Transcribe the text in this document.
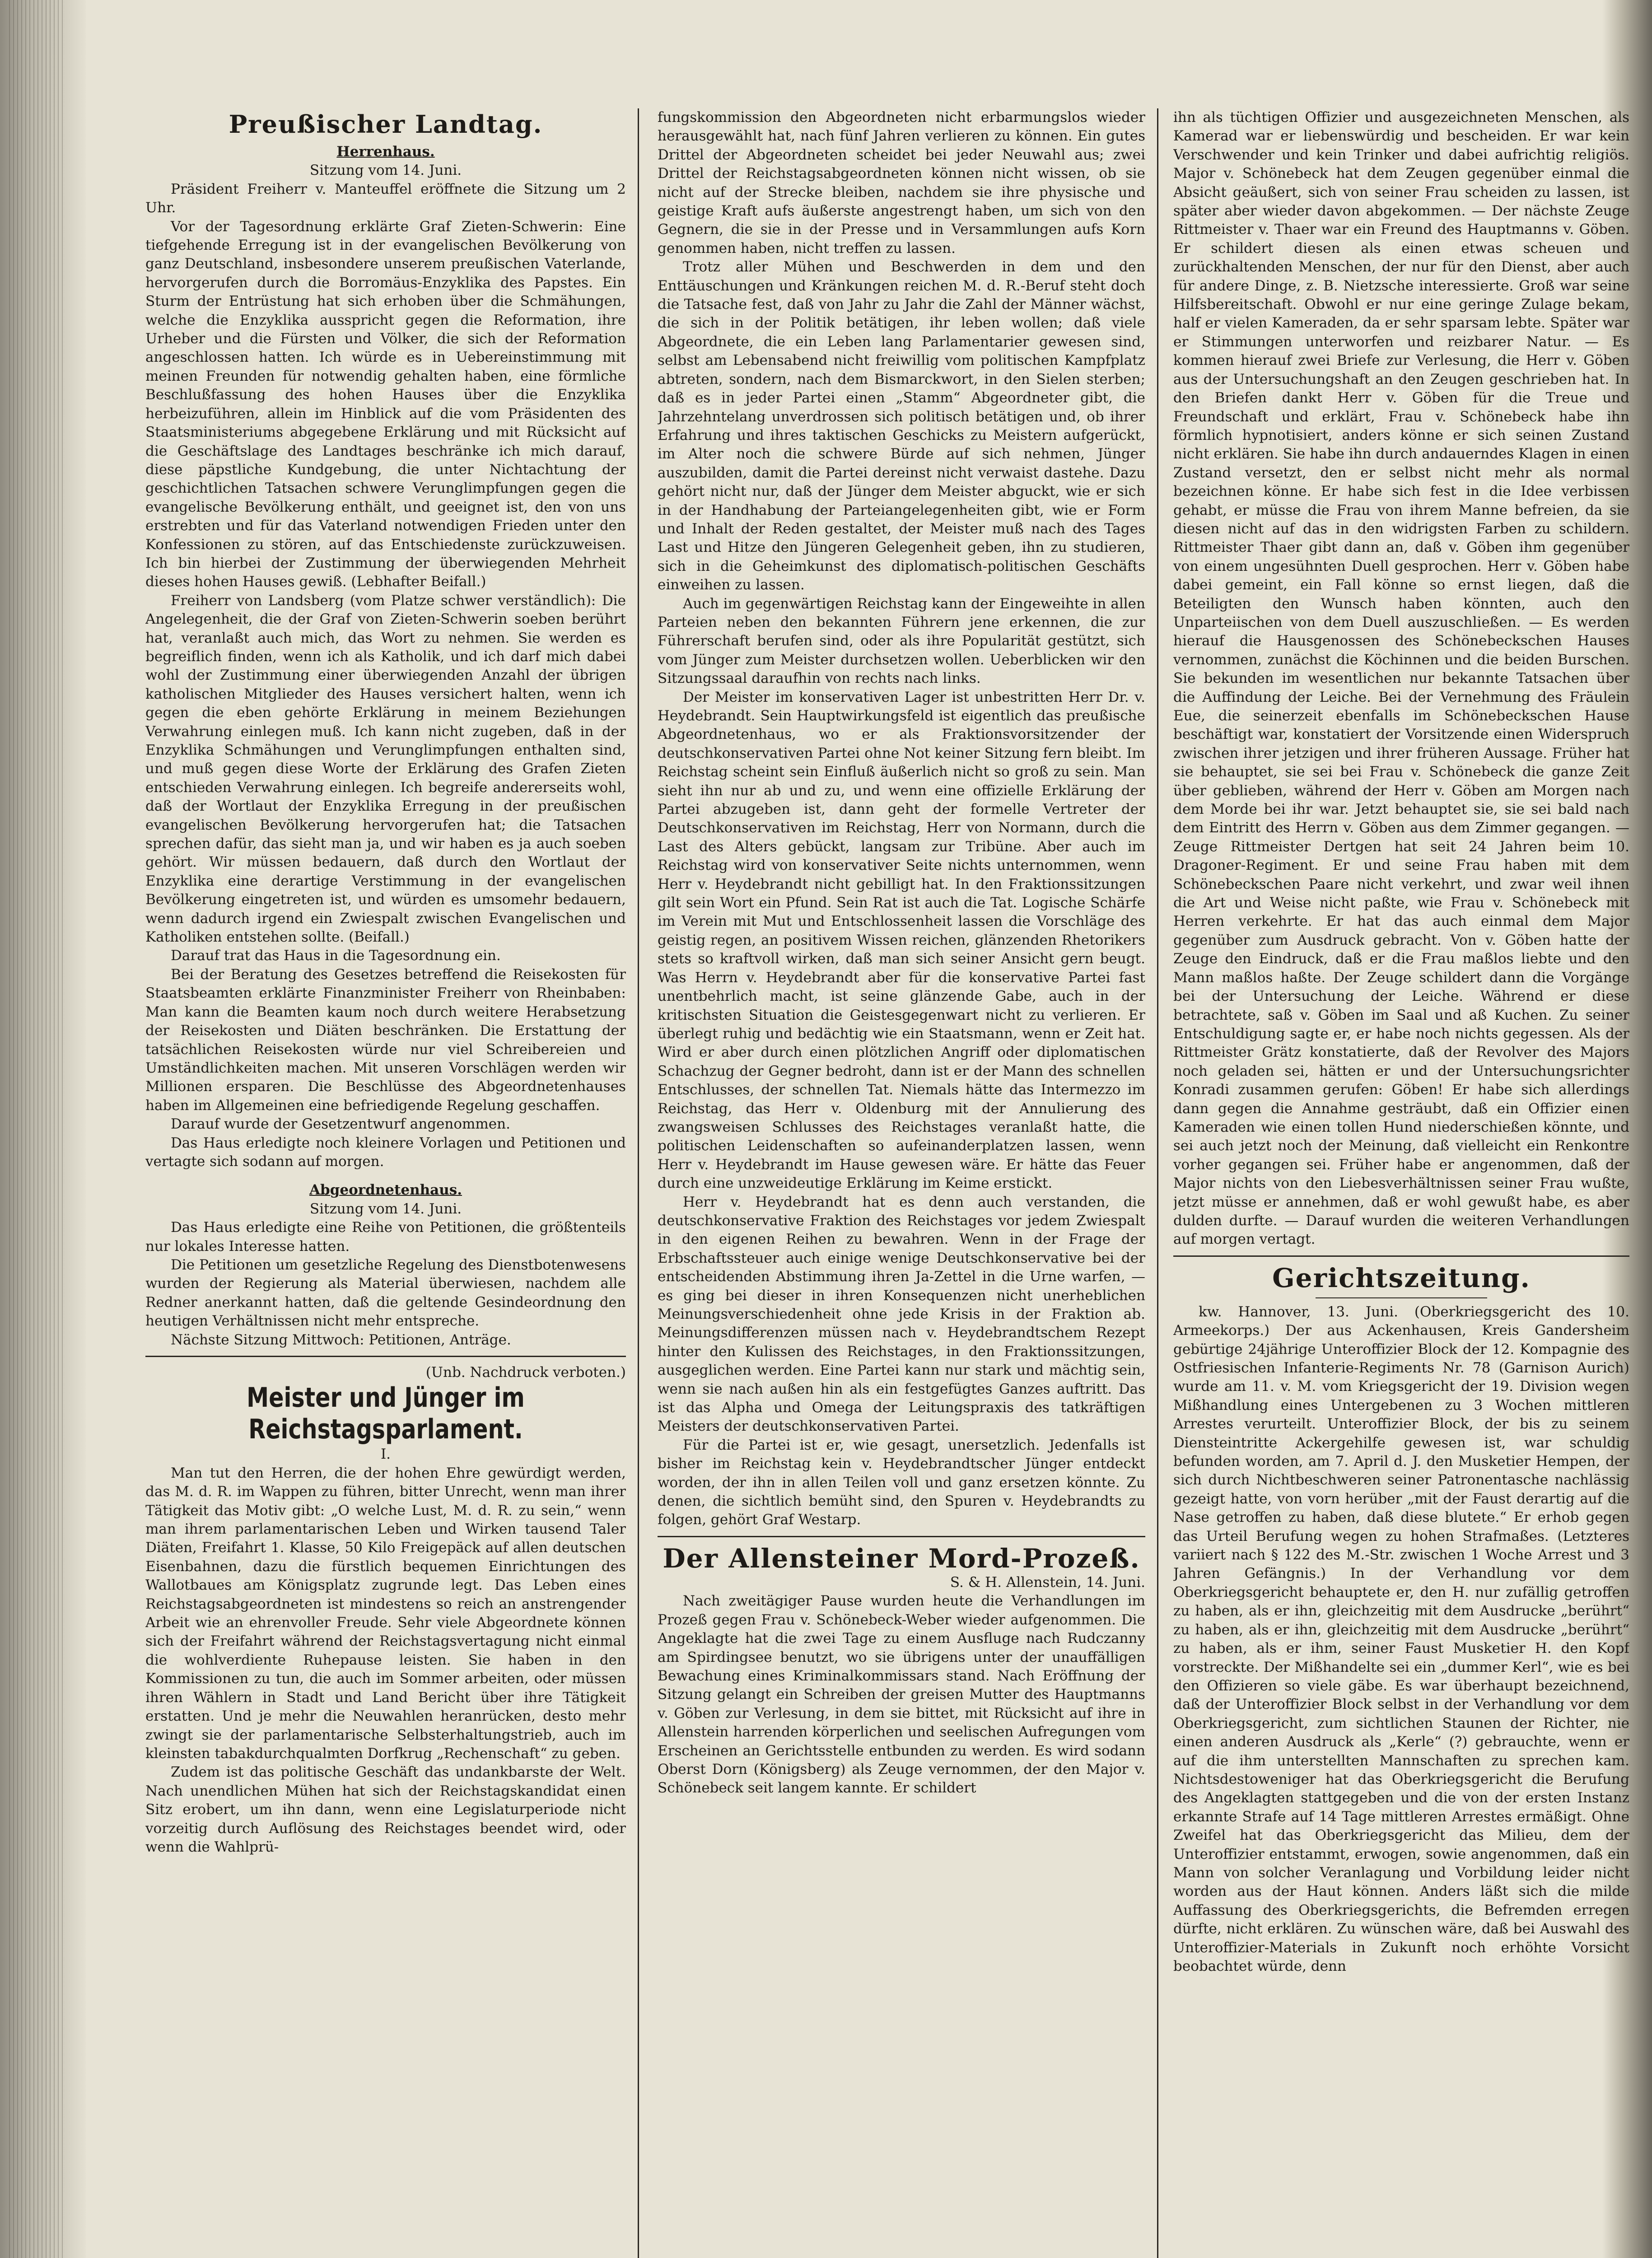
Preußischer Landtag.
Herrenhaus.

Sitzung vom 14. Juni.

Präsident Freiherr v. Manteuffel eröffnete die Sitzung um 2 Uhr.

Vor der Tagesordnung erklärte Graf Zieten-Schwerin: Eine tiefgehende Erregung ist in der evangelischen Bevölkerung von ganz Deutschland, insbesondere unserem preußischen Vaterlande, hervorgerufen durch die Borromäus-Enzyklika des Papstes. Ein Sturm der Entrüstung hat sich erhoben über die Schmähungen, welche die Enzyklika ausspricht gegen die Reformation, ihre Urheber und die Fürsten und Völker, die sich der Reformation angeschlossen hatten. Ich würde es in Uebereinstimmung mit meinen Freunden für notwendig gehalten haben, eine förmliche Beschlußfassung des hohen Hauses über die Enzyklika herbeizuführen, allein im Hinblick auf die vom Präsidenten des Staatsministeriums abgegebene Erklärung und mit Rücksicht auf die Geschäftslage des Landtages beschränke ich mich darauf, diese päpstliche Kundgebung, die unter Nichtachtung der geschichtlichen Tatsachen schwere Verunglimpfungen gegen die evangelische Bevölkerung enthält, und geeignet ist, den von uns erstrebten und für das Vaterland notwendigen Frieden unter den Konfessionen zu stören, auf das Entschiedenste zurückzuweisen. Ich bin hierbei der Zustimmung der überwiegenden Mehrheit dieses hohen Hauses gewiß. (Lebhafter Beifall.)

Freiherr von Landsberg (vom Platze schwer verständlich): Die Angelegenheit, die der Graf von Zieten-Schwerin soeben berührt hat, veranlaßt auch mich, das Wort zu nehmen. Sie werden es begreiflich finden, wenn ich als Katholik, und ich darf mich dabei wohl der Zustimmung einer überwiegenden Anzahl der übrigen katholischen Mitglieder des Hauses versichert halten, wenn ich gegen die eben gehörte Erklärung in meinem Beziehungen Verwahrung einlegen muß. Ich kann nicht zugeben, daß in der Enzyklika Schmähungen und Verunglimpfungen enthalten sind, und muß gegen diese Worte der Erklärung des Grafen Zieten entschieden Verwahrung einlegen. Ich begreife andererseits wohl, daß der Wortlaut der Enzyklika Erregung in der preußischen evangelischen Bevölkerung hervorgerufen hat; die Tatsachen sprechen dafür, das sieht man ja, und wir haben es ja auch soeben gehört. Wir müssen bedauern, daß durch den Wortlaut der Enzyklika eine derartige Verstimmung in der evangelischen Bevölkerung eingetreten ist, und würden es umsomehr bedauern, wenn dadurch irgend ein Zwiespalt zwischen Evangelischen und Katholiken entstehen sollte. (Beifall.)

Darauf trat das Haus in die Tagesordnung ein.

Bei der Beratung des Gesetzes betreffend die Reisekosten für Staatsbeamten erklärte Finanzminister Freiherr von Rheinbaben: Man kann die Beamten kaum noch durch weitere Herabsetzung der Reisekosten und Diäten beschränken. Die Erstattung der tatsächlichen Reisekosten würde nur viel Schreibereien und Umständlichkeiten machen. Mit unseren Vorschlägen werden wir Millionen ersparen. Die Beschlüsse des Abgeordnetenhauses haben im Allgemeinen eine befriedigende Regelung geschaffen.

Darauf wurde der Gesetzentwurf angenommen.

Das Haus erledigte noch kleinere Vorlagen und Petitionen und vertagte sich sodann auf morgen.

Abgeordnetenhaus.

Sitzung vom 14. Juni.

Das Haus erledigte eine Reihe von Petitionen, die größtenteils nur lokales Interesse hatten.

Die Petitionen um gesetzliche Regelung des Dienstbotenwesens wurden der Regierung als Material überwiesen, nachdem alle Redner anerkannt hatten, daß die geltende Gesindeordnung den heutigen Verhältnissen nicht mehr entspreche.

Nächste Sitzung Mittwoch: Petitionen, Anträge.

(Unb. Nachdruck verboten.)

Meister und Jünger im Reichstagsparlament.

I.

Man tut den Herren, die der hohen Ehre gewürdigt werden, das M. d. R. im Wappen zu führen, bitter Unrecht, wenn man ihrer Tätigkeit das Motiv gibt: „O welche Lust, M. d. R. zu sein,“ wenn man ihrem parlamentarischen Leben und Wirken tausend Taler Diäten, Freifahrt 1. Klasse, 50 Kilo Freigepäck auf allen deutschen Eisenbahnen, dazu die fürstlich bequemen Einrichtungen des Wallotbaues am Königsplatz zugrunde legt. Das Leben eines Reichstagsabgeordneten ist mindestens so reich an anstrengender Arbeit wie an ehrenvoller Freude. Sehr viele Abgeordnete können sich der Freifahrt während der Reichstagsvertagung nicht einmal die wohlverdiente Ruhepause leisten. Sie haben in den Kommissionen zu tun, die auch im Sommer arbeiten, oder müssen ihren Wählern in Stadt und Land Bericht über ihre Tätigkeit erstatten. Und je mehr die Neuwahlen heranrücken, desto mehr zwingt sie der parlamentarische Selbsterhaltungstrieb, auch im kleinsten tabakdurchqualmten Dorfkrug „Rechenschaft“ zu geben.

Zudem ist das politische Geschäft das undankbarste der Welt. Nach unendlichen Mühen hat sich der Reichstagskandidat einen Sitz erobert, um ihn dann, wenn eine Legislaturperiode nicht vorzeitig durch Auflösung des Reichstages beendet wird, oder wenn die Wahlprü-

fungskommission den Abgeordneten nicht erbarmungslos wieder herausgewählt hat, nach fünf Jahren verlieren zu können. Ein gutes Drittel der Abgeordneten scheidet bei jeder Neuwahl aus; zwei Drittel der Reichstagsabgeordneten können nicht wissen, ob sie nicht auf der Strecke bleiben, nachdem sie ihre physische und geistige Kraft aufs äußerste angestrengt haben, um sich von den Gegnern, die sie in der Presse und in Versammlungen aufs Korn genommen haben, nicht treffen zu lassen.

Trotz aller Mühen und Beschwerden in dem und den Enttäuschungen und Kränkungen reichen M. d. R.-Beruf steht doch die Tatsache fest, daß von Jahr zu Jahr die Zahl der Männer wächst, die sich in der Politik betätigen, ihr leben wollen; daß viele Abgeordnete, die ein Leben lang Parlamentarier gewesen sind, selbst am Lebensabend nicht freiwillig vom politischen Kampfplatz abtreten, sondern, nach dem Bismarckwort, in den Sielen sterben; daß es in jeder Partei einen „Stamm“ Abgeordneter gibt, die Jahrzehntelang unverdrossen sich politisch betätigen und, ob ihrer Erfahrung und ihres taktischen Geschicks zu Meistern aufgerückt, im Alter noch die schwere Bürde auf sich nehmen, Jünger auszubilden, damit die Partei dereinst nicht verwaist dastehe. Dazu gehört nicht nur, daß der Jünger dem Meister abguckt, wie er sich in der Handhabung der Parteiangelegenheiten gibt, wie er Form und Inhalt der Reden gestaltet, der Meister muß nach des Tages Last und Hitze den Jüngeren Gelegenheit geben, ihn zu studieren, sich in die Geheimkunst des diplomatisch-politischen Geschäfts einweihen zu lassen.

Auch im gegenwärtigen Reichstag kann der Eingeweihte in allen Parteien neben den bekannten Führern jene erkennen, die zur Führerschaft berufen sind, oder als ihre Popularität gestützt, sich vom Jünger zum Meister durchsetzen wollen. Ueberblicken wir den Sitzungssaal daraufhin von rechts nach links.

Der Meister im konservativen Lager ist unbestritten Herr Dr. v. Heydebrandt. Sein Hauptwirkungsfeld ist eigentlich das preußische Abgeordnetenhaus, wo er als Fraktionsvorsitzender der deutschkonservativen Partei ohne Not keiner Sitzung fern bleibt. Im Reichstag scheint sein Einfluß äußerlich nicht so groß zu sein. Man sieht ihn nur ab und zu, und wenn eine offizielle Erklärung der Partei abzugeben ist, dann geht der formelle Vertreter der Deutschkonservativen im Reichstag, Herr von Normann, durch die Last des Alters gebückt, langsam zur Tribüne. Aber auch im Reichstag wird von konservativer Seite nichts unternommen, wenn Herr v. Heydebrandt nicht gebilligt hat. In den Fraktionssitzungen gilt sein Wort ein Pfund. Sein Rat ist auch die Tat. Logische Schärfe im Verein mit Mut und Entschlossenheit lassen die Vorschläge des geistig regen, an positivem Wissen reichen, glänzenden Rhetorikers stets so kraftvoll wirken, daß man sich seiner Ansicht gern beugt. Was Herrn v. Heydebrandt aber für die konservative Partei fast unentbehrlich macht, ist seine glänzende Gabe, auch in der kritischsten Situation die Geistesgegenwart nicht zu verlieren. Er überlegt ruhig und bedächtig wie ein Staatsmann, wenn er Zeit hat. Wird er aber durch einen plötzlichen Angriff oder diplomatischen Schachzug der Gegner bedroht, dann ist er der Mann des schnellen Entschlusses, der schnellen Tat. Niemals hätte das Intermezzo im Reichstag, das Herr v. Oldenburg mit der Annulierung des zwangsweisen Schlusses des Reichstages veranlaßt hatte, die politischen Leidenschaften so aufeinanderplatzen lassen, wenn Herr v. Heydebrandt im Hause gewesen wäre. Er hätte das Feuer durch eine unzweideutige Erklärung im Keime erstickt.

Herr v. Heydebrandt hat es denn auch verstanden, die deutschkonservative Fraktion des Reichstages vor jedem Zwiespalt in den eigenen Reihen zu bewahren. Wenn in der Frage der Erbschaftssteuer auch einige wenige Deutschkonservative bei der entscheidenden Abstimmung ihren Ja-Zettel in die Urne warfen, — es ging bei dieser in ihren Konsequenzen nicht unerheblichen Meinungsverschiedenheit ohne jede Krisis in der Fraktion ab. Meinungsdifferenzen müssen nach v. Heydebrandtschem Rezept hinter den Kulissen des Reichstages, in den Fraktionssitzungen, ausgeglichen werden. Eine Partei kann nur stark und mächtig sein, wenn sie nach außen hin als ein festgefügtes Ganzes auftritt. Das ist das Alpha und Omega der Leitungspraxis des tatkräftigen Meisters der deutschkonservativen Partei.

Für die Partei ist er, wie gesagt, unersetzlich. Jedenfalls ist bisher im Reichstag kein v. Heydebrandtscher Jünger entdeckt worden, der ihn in allen Teilen voll und ganz ersetzen könnte. Zu denen, die sichtlich bemüht sind, den Spuren v. Heydebrandts zu folgen, gehört Graf Westarp.

Der Allensteiner Mord-Prozeß.

S. & H. Allenstein, 14. Juni.

Nach zweitägiger Pause wurden heute die Verhandlungen im Prozeß gegen Frau v. Schönebeck-Weber wieder aufgenommen. Die Angeklagte hat die zwei Tage zu einem Ausfluge nach Rudczanny am Spirdingsee benutzt, wo sie übrigens unter der unauffälligen Bewachung eines Kriminalkommissars stand. Nach Eröffnung der Sitzung gelangt ein Schreiben der greisen Mutter des Hauptmanns v. Göben zur Verlesung, in dem sie bittet, mit Rücksicht auf ihre in Allenstein harrenden körperlichen und seelischen Aufregungen vom Erscheinen an Gerichtsstelle entbunden zu werden. Es wird sodann Oberst Dorn (Königsberg) als Zeuge vernommen, der den Major v. Schönebeck seit langem kannte. Er schildert

ihn als tüchtigen Offizier und ausgezeichneten Menschen, als Kamerad war er liebenswürdig und bescheiden. Er war kein Verschwender und kein Trinker und dabei aufrichtig religiös. Major v. Schönebeck hat dem Zeugen gegenüber einmal die Absicht geäußert, sich von seiner Frau scheiden zu lassen, ist später aber wieder davon abgekommen. — Der nächste Zeuge Rittmeister v. Thaer war ein Freund des Hauptmanns v. Göben. Er schildert diesen als einen etwas scheuen und zurückhaltenden Menschen, der nur für den Dienst, aber auch für andere Dinge, z. B. Nietzsche interessierte. Groß war seine Hilfsbereitschaft. Obwohl er nur eine geringe Zulage bekam, half er vielen Kameraden, da er sehr sparsam lebte. Später war er Stimmungen unterworfen und reizbarer Natur. — Es kommen hierauf zwei Briefe zur Verlesung, die Herr v. Göben aus der Untersuchungshaft an den Zeugen geschrieben hat. In den Briefen dankt Herr v. Göben für die Treue und Freundschaft und erklärt, Frau v. Schönebeck habe ihn förmlich hypnotisiert, anders könne er sich seinen Zustand nicht erklären. Sie habe ihn durch andauerndes Klagen in einen Zustand versetzt, den er selbst nicht mehr als normal bezeichnen könne. Er habe sich fest in die Idee verbissen gehabt, er müsse die Frau von ihrem Manne befreien, da sie diesen nicht auf das in den widrigsten Farben zu schildern. Rittmeister Thaer gibt dann an, daß v. Göben ihm gegenüber von einem ungesühnten Duell gesprochen. Herr v. Göben habe dabei gemeint, ein Fall könne so ernst liegen, daß die Beteiligten den Wunsch haben könnten, auch den Unparteiischen von dem Duell auszuschließen. — Es werden hierauf die Hausgenossen des Schönebeckschen Hauses vernommen, zunächst die Köchinnen und die beiden Burschen. Sie bekunden im wesentlichen nur bekannte Tatsachen über die Auffindung der Leiche. Bei der Vernehmung des Fräulein Eue, die seinerzeit ebenfalls im Schönebeckschen Hause beschäftigt war, konstatiert der Vorsitzende einen Widerspruch zwischen ihrer jetzigen und ihrer früheren Aussage. Früher hat sie behauptet, sie sei bei Frau v. Schönebeck die ganze Zeit über geblieben, während der Herr v. Göben am Morgen nach dem Morde bei ihr war. Jetzt behauptet sie, sie sei bald nach dem Eintritt des Herrn v. Göben aus dem Zimmer gegangen. — Zeuge Rittmeister Dertgen hat seit 24 Jahren beim 10. Dragoner-Regiment. Er und seine Frau haben mit dem Schönebeckschen Paare nicht verkehrt, und zwar weil ihnen die Art und Weise nicht paßte, wie Frau v. Schönebeck mit Herren verkehrte. Er hat das auch einmal dem Major gegenüber zum Ausdruck gebracht. Von v. Göben hatte der Zeuge den Eindruck, daß er die Frau maßlos liebte und den Mann maßlos haßte. Der Zeuge schildert dann die Vorgänge bei der Untersuchung der Leiche. Während er diese betrachtete, saß v. Göben im Saal und aß Kuchen. Zu seiner Entschuldigung sagte er, er habe noch nichts gegessen. Als der Rittmeister Grätz konstatierte, daß der Revolver des Majors noch geladen sei, hätten er und der Untersuchungsrichter Konradi zusammen gerufen: Göben! Er habe sich allerdings dann gegen die Annahme gesträubt, daß ein Offizier einen Kameraden wie einen tollen Hund niederschießen könnte, und sei auch jetzt noch der Meinung, daß vielleicht ein Renkontre vorher gegangen sei. Früher habe er angenommen, daß der Major nichts von den Liebesverhältnissen seiner Frau wußte, jetzt müsse er annehmen, daß er wohl gewußt habe, es aber dulden durfte. — Darauf wurden die weiteren Verhandlungen auf morgen vertagt.

Gerichtszeitung.

kw. Hannover, 13. Juni. (Oberkriegsgericht des 10. Armeekorps.) Der aus Ackenhausen, Kreis Gandersheim gebürtige 24jährige Unteroffizier Block der 12. Kompagnie des Ostfriesischen Infanterie-Regiments Nr. 78 (Garnison Aurich) wurde am 11. v. M. vom Kriegsgericht der 19. Division wegen Mißhandlung eines Untergebenen zu 3 Wochen mittleren Arrestes verurteilt. Unteroffizier Block, der bis zu seinem Diensteintritte Ackergehilfe gewesen ist, war schuldig befunden worden, am 7. April d. J. den Musketier Hempen, der sich durch Nichtbeschweren seiner Patronentasche nachlässig gezeigt hatte, von vorn herüber „mit der Faust derartig auf die Nase getroffen zu haben, daß diese blutete.“ Er erhob gegen das Urteil Berufung wegen zu hohen Strafmaßes. (Letzteres variiert nach § 122 des M.-Str. zwischen 1 Woche Arrest und 3 Jahren Gefängnis.) In der Verhandlung vor dem Oberkriegsgericht behauptete er, den H. nur zufällig getroffen zu haben, als er ihn, gleichzeitig mit dem Ausdrucke „berührt“ zu haben, als er ihn, gleichzeitig mit dem Ausdrucke „berührt“ zu haben, als er ihm, seiner Faust Musketier H. den Kopf vorstreckte. Der Mißhandelte sei ein „dummer Kerl“, wie es bei den Offizieren so viele gäbe. Es war überhaupt bezeichnend, daß der Unteroffizier Block selbst in der Verhandlung vor dem Oberkriegsgericht, zum sichtlichen Staunen der Richter, nie einen anderen Ausdruck als „Kerle“ (?) gebrauchte, wenn er auf die ihm unterstellten Mannschaften zu sprechen kam. Nichtsdestoweniger hat das Oberkriegsgericht die Berufung des Angeklagten stattgegeben und die von der ersten Instanz erkannte Strafe auf 14 Tage mittleren Arrestes ermäßigt. Ohne Zweifel hat das Oberkriegsgericht das Milieu, dem der Unteroffizier entstammt, erwogen, sowie angenommen, daß ein Mann von solcher Veranlagung und Vorbildung leider nicht worden aus der Haut können. Anders läßt sich die milde Auffassung des Oberkriegsgerichts, die Befremden erregen dürfte, nicht erklären. Zu wünschen wäre, daß bei Auswahl des Unteroffizier-Materials in Zukunft noch erhöhte Vorsicht beobachtet würde, denn
